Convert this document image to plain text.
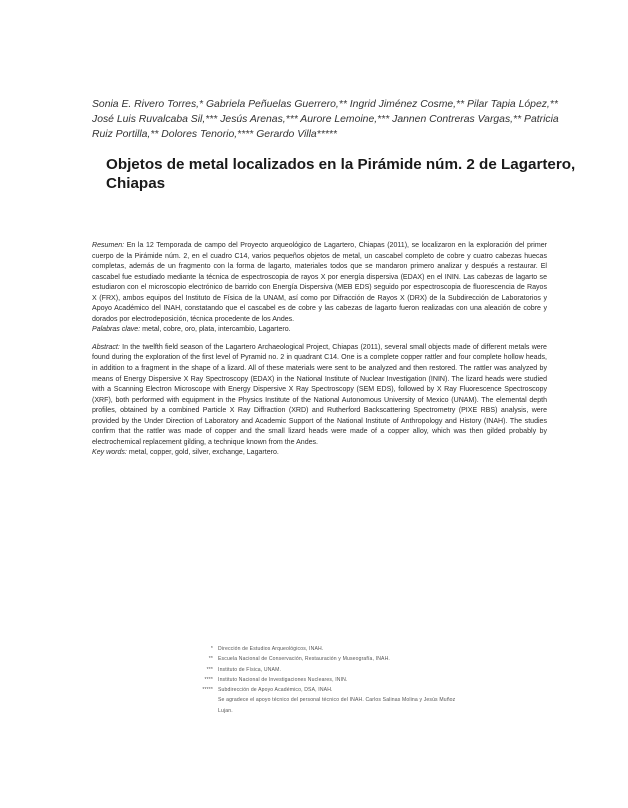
Sonia E. Rivero Torres,* Gabriela Peñuelas Guerrero,** Ingrid Jiménez Cosme,** Pilar Tapia López,** José Luis Ruvalcaba Sil,*** Jesús Arenas,*** Aurore Lemoine,*** Jannen Contreras Vargas,** Patricia Ruiz Portilla,** Dolores Tenorio,**** Gerardo Villa*****
Objetos de metal localizados en la Pirámide núm. 2 de Lagartero, Chiapas

Resumen: En la 12 Temporada de campo del Proyecto arqueológico de Lagartero, Chiapas (2011), se localizaron en la exploración del primer cuerpo de la Pirámide núm. 2, en el cuadro C14, varios pequeños objetos de metal, un cascabel completo de cobre y cuatro cabezas huecas completas, además de un fragmento con la forma de lagarto, materiales todos que se mandaron primero analizar y después a restaurar. El cascabel fue estudiado mediante la técnica de espectroscopia de rayos X por energía dispersiva (EDAX) en el ININ. Las cabezas de lagarto se estudiaron con el microscopio electrónico de barrido con Energía Dispersiva (MEB EDS) seguido por espectroscopia de fluorescencia de Rayos X (FRX), ambos equipos del Instituto de Física de la UNAM, así como por Difracción de Rayos X (DRX) de la Subdirección de Laboratorios y Apoyo Académico del INAH, constatando que el cascabel es de cobre y las cabezas de lagarto fueron realizadas con una aleación de cobre y dorados por electrodeposición, técnica procedente de los Andes.

Palabras clave: metal, cobre, oro, plata, intercambio, Lagartero.

Abstract: In the twelfth field season of the Lagartero Archaeological Project, Chiapas (2011), several small objects made of different metals were found during the exploration of the first level of Pyramid no. 2 in quadrant C14. One is a complete copper rattler and four complete hollow heads, in addition to a fragment in the shape of a lizard. All of these materials were sent to be analyzed and then restored. The rattler was analyzed by means of Energy Dispersive X Ray Spectroscopy (EDAX) in the National Institute of Nuclear Investigation (ININ). The lizard heads were studied with a Scanning Electron Microscope with Energy Dispersive X Ray Spectroscopy (SEM EDS), followed by X Ray Fluorescence Spectroscopy (XRF), both performed with equipment in the Physics Institute of the National Autonomous University of Mexico (UNAM). The elemental depth profiles, obtained by a combined Particle X Ray Diffraction (XRD) and Rutherford Backscattering Spectrometry (PIXE RBS) analysis, were provided by the Under Direction of Laboratory and Academic Support of the National Institute of Anthropology and History (INAH). The studies confirm that the rattler was made of copper and the small lizard heads were made of a copper alloy, which was then gilded probably by electrochemical replacement gilding, a technique known from the Andes.

Key words: metal, copper, gold, silver, exchange, Lagartero.

* Dirección de Estudios Arqueológicos, INAH.
** Escuela Nacional de Conservación, Restauración y Museografía, INAH.
*** Instituto de Física, UNAM.
**** Instituto Nacional de Investigaciones Nucleares, ININ.
***** Subdirección de Apoyo Académico, DSA, INAH.
Se agradece el apoyo técnico del personal técnico del INAH. Carlos Salinas Molina y Jesús Muñoz
Lujan.
